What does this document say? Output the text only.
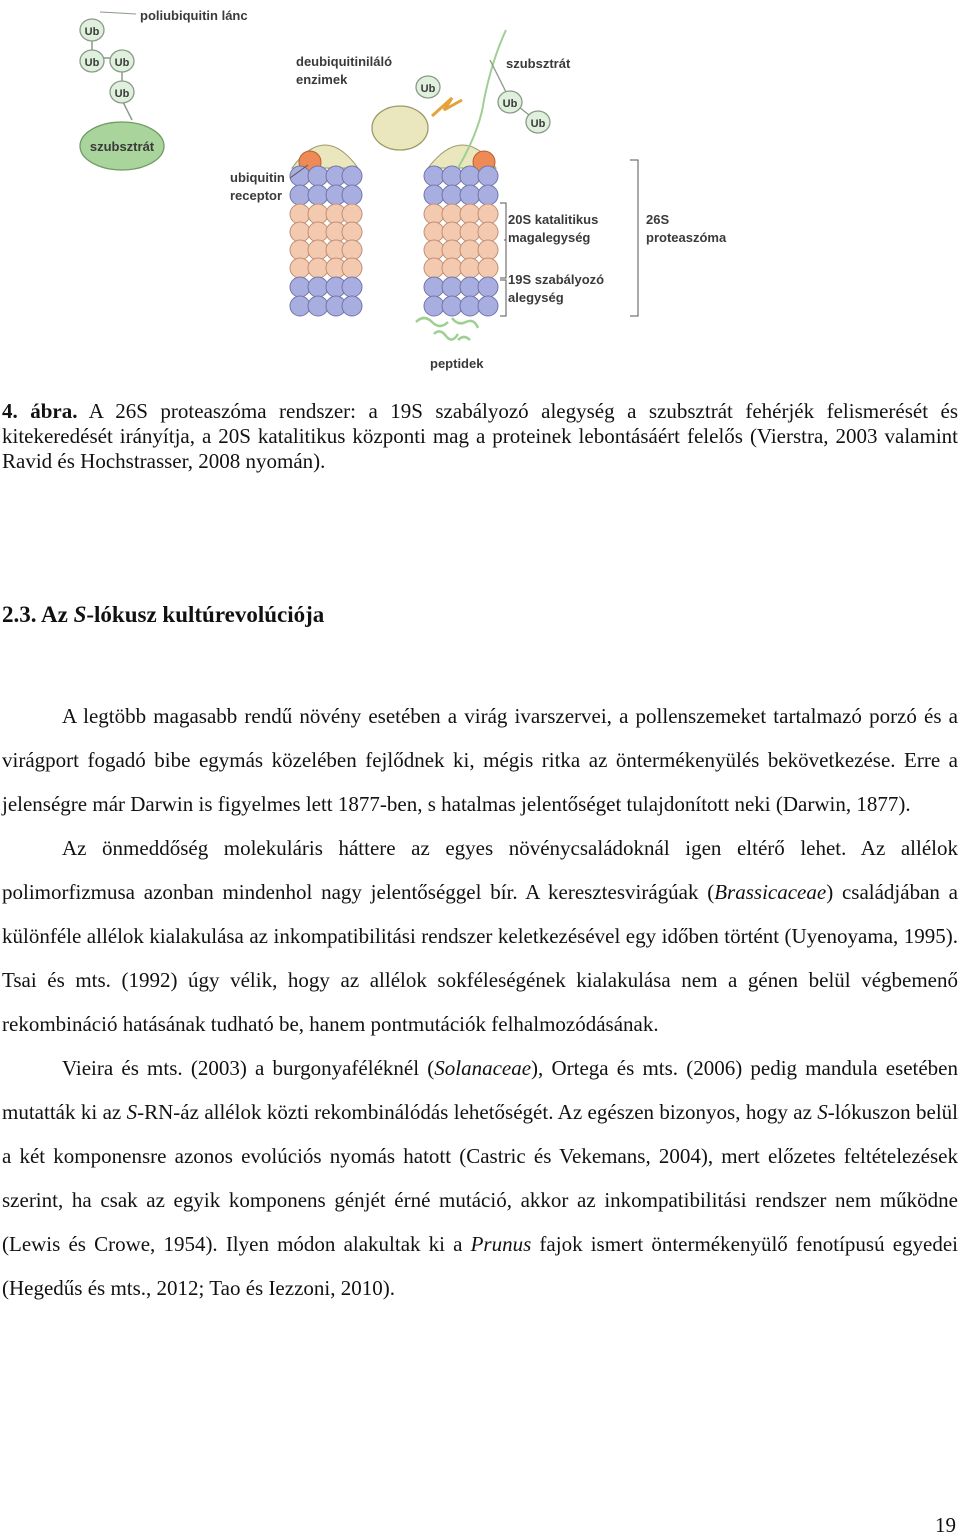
Ub
Ub Ub
Ub
poliubiquitin lánc
szubsztrát
deubiquitiniláló
enzimek
Ub
Ub
Ub
szubsztrát
ubiquitin
receptor
20S katalitikus
magalegység
19S szabályozó
alegység
26S
proteaszóma
peptidek
4. ábra. A 26S proteaszóma rendszer: a 19S szabályozó alegység a szubsztrát fehérjék felismerését és kitekeredését irányítja, a 20S katalitikus központi mag a proteinek lebontásáért felelős (Vierstra, 2003 valamint Ravid és Hochstrasser, 2008 nyomán).
2.3. Az S-lókusz kultúrevolúciója

A legtöbb magasabb rendű növény esetében a virág ivarszervei, a pollenszemeket tartalmazó porzó és a virágport fogadó bibe egymás közelében fejlődnek ki, mégis ritka az öntermékenyülés bekövetkezése. Erre a jelenségre már Darwin is figyelmes lett 1877-ben, s hatalmas jelentőséget tulajdonított neki (Darwin, 1877).

Az önmeddőség molekuláris háttere az egyes növénycsaládoknál igen eltérő lehet. Az allélok polimorfizmusa azonban mindenhol nagy jelentőséggel bír. A keresztesvirágúak (Brassicaceae) családjában a különféle allélok kialakulása az inkompatibilitási rendszer keletkezésével egy időben történt (Uyenoyama, 1995). Tsai és mts. (1992) úgy vélik, hogy az allélok sokféleségének kialakulása nem a génen belül végbemenő rekombináció hatásának tudható be, hanem pontmutációk felhalmozódásának.

Vieira és mts. (2003) a burgonyaféléknél (Solanaceae), Ortega és mts. (2006) pedig mandula esetében mutatták ki az S-RN-áz allélok közti rekombinálódás lehetőségét. Az egészen bizonyos, hogy az S-lókuszon belül a két komponensre azonos evolúciós nyomás hatott (Castric és Vekemans, 2004), mert előzetes feltételezések szerint, ha csak az egyik komponens génjét érné mutáció, akkor az inkompatibilitási rendszer nem működne (Lewis és Crowe, 1954). Ilyen módon alakultak ki a Prunus fajok ismert öntermékenyülő fenotípusú egyedei (Hegedűs és mts., 2012; Tao és Iezzoni, 2010).

19
